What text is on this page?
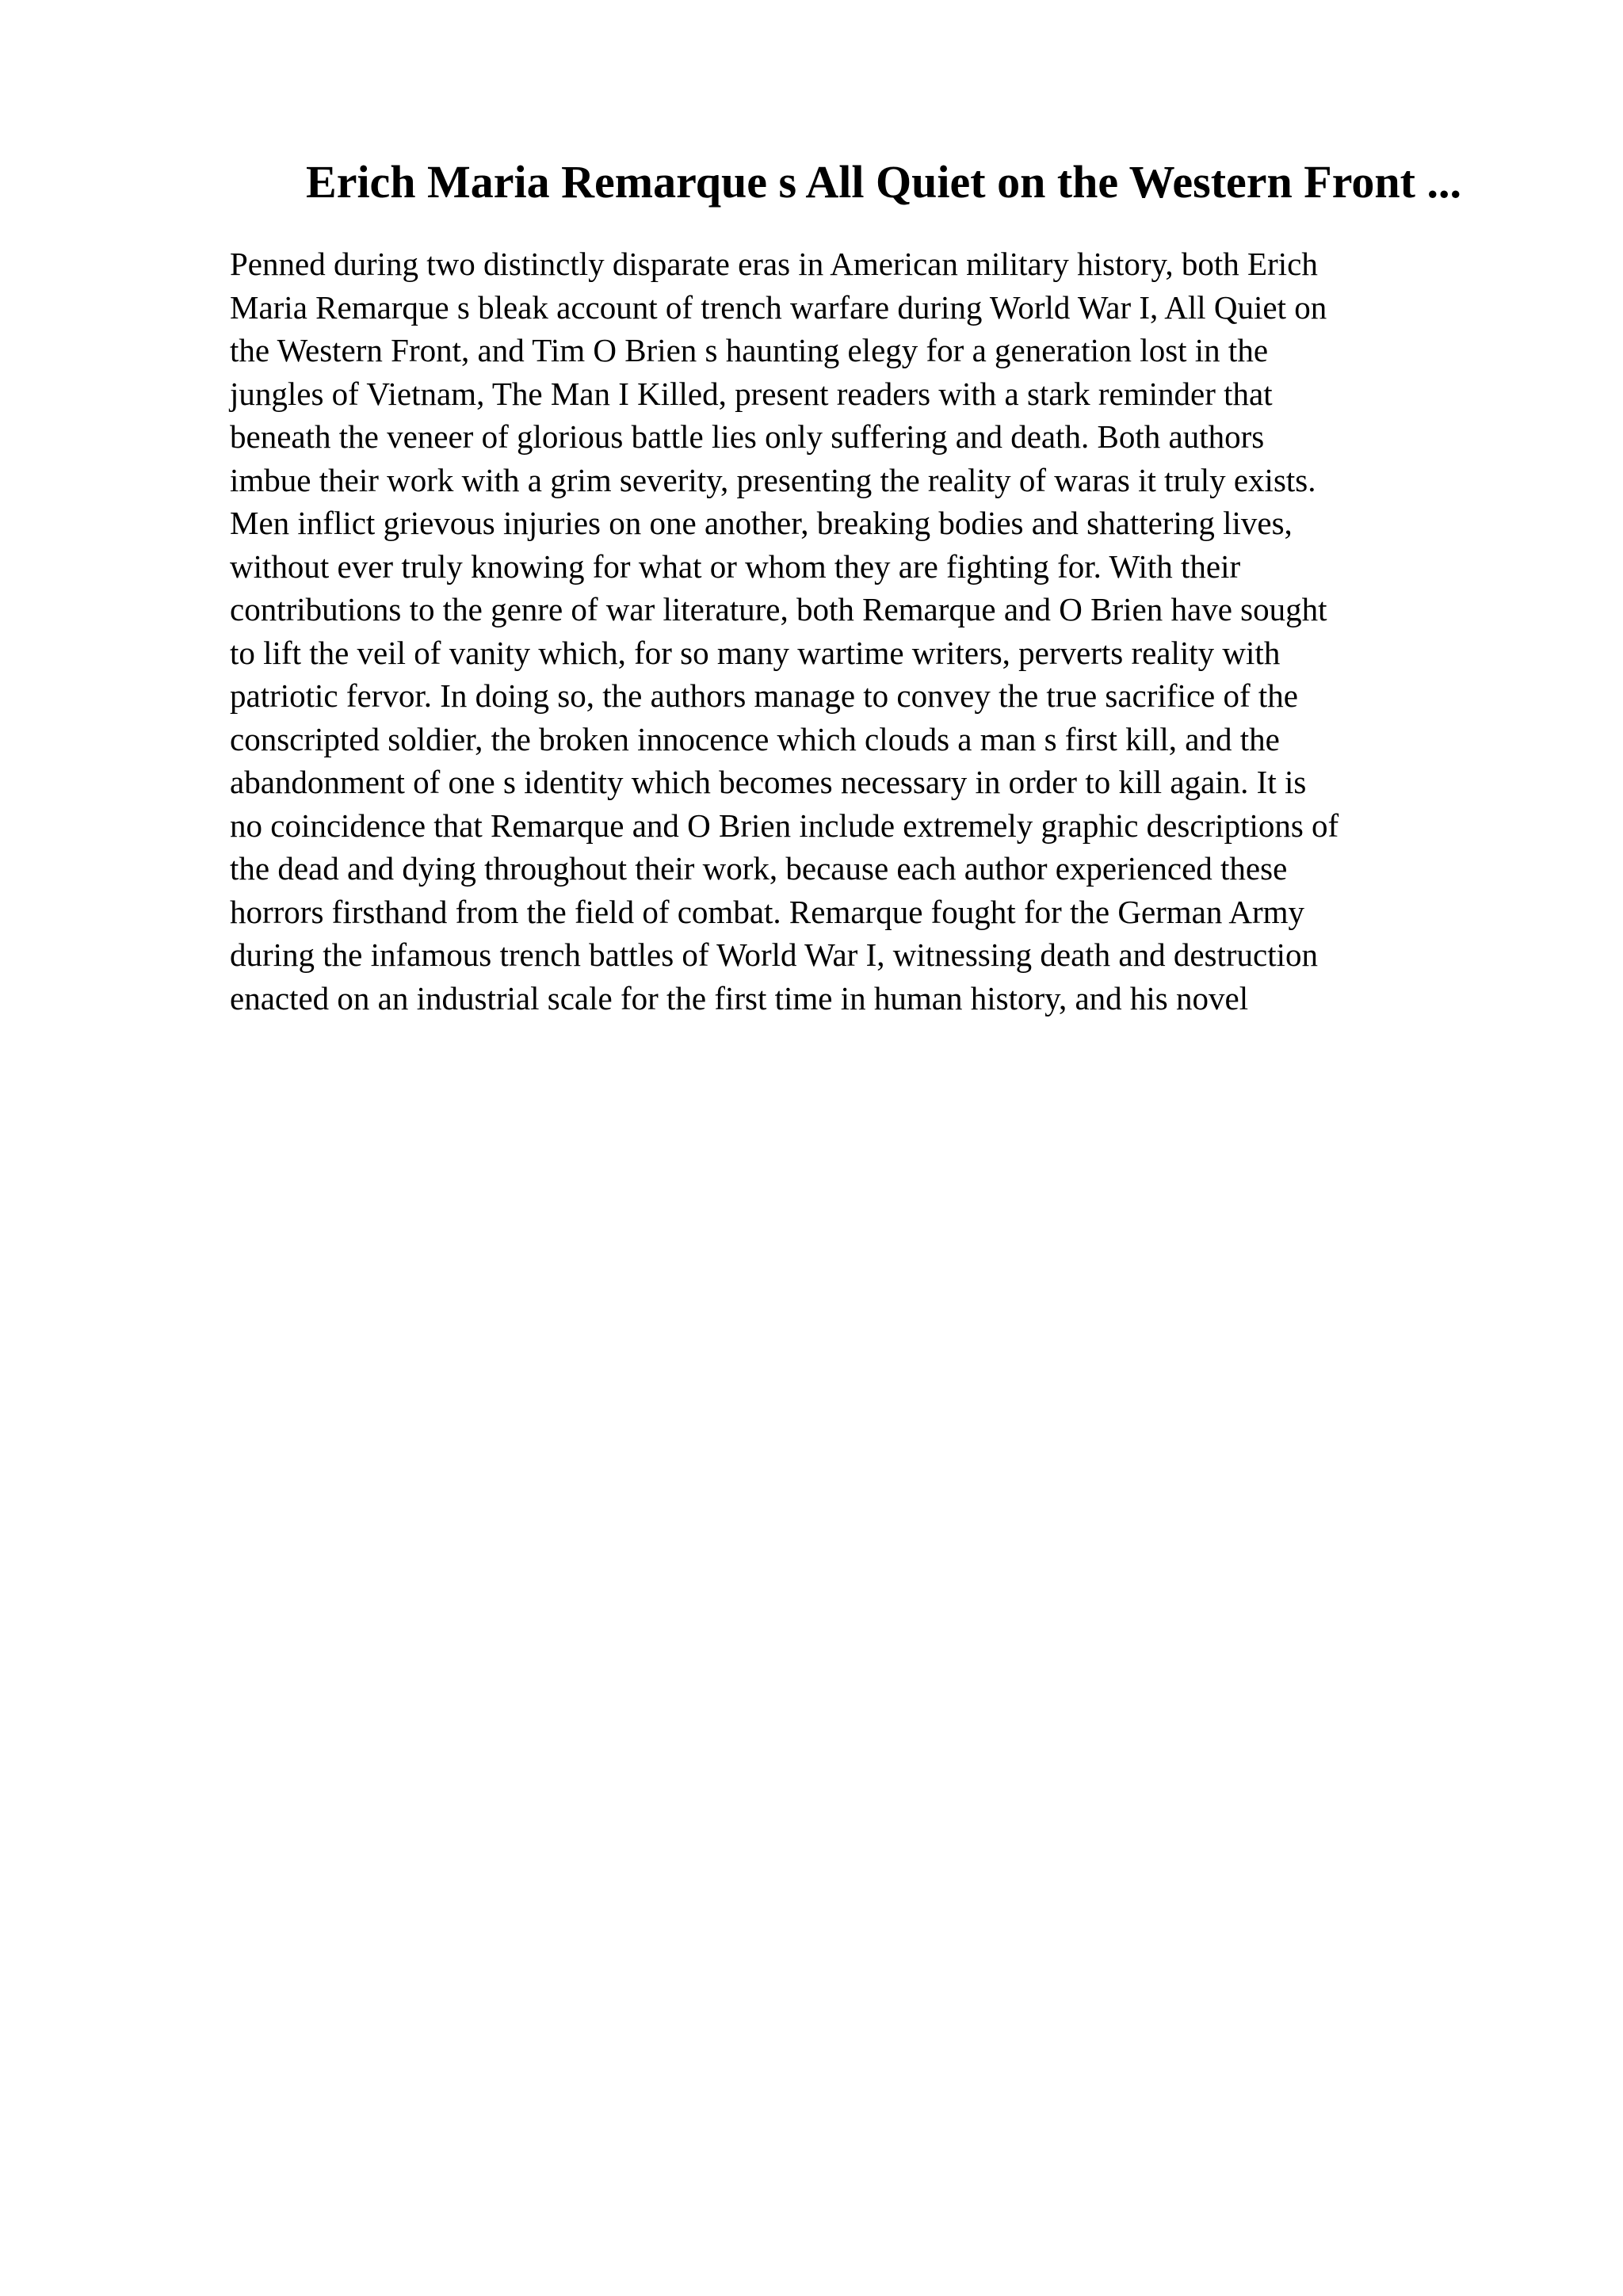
Erich Maria Remarque s All Quiet on the Western Front ...
Penned during two distinctly disparate eras in American military history, both Erich
Maria Remarque s bleak account of trench warfare during World War I, All Quiet on
the Western Front, and Tim O Brien s haunting elegy for a generation lost in the
jungles of Vietnam, The Man I Killed, present readers with a stark reminder that
beneath the veneer of glorious battle lies only suffering and death. Both authors
imbue their work with a grim severity, presenting the reality of waras it truly exists.
Men inflict grievous injuries on one another, breaking bodies and shattering lives,
without ever truly knowing for what or whom they are fighting for. With their
contributions to the genre of war literature, both Remarque and O Brien have sought
to lift the veil of vanity which, for so many wartime writers, perverts reality with
patriotic fervor. In doing so, the authors manage to convey the true sacrifice of the
conscripted soldier, the broken innocence which clouds a man s first kill, and the
abandonment of one s identity which becomes necessary in order to kill again. It is
no coincidence that Remarque and O Brien include extremely graphic descriptions of
the dead and dying throughout their work, because each author experienced these
horrors firsthand from the field of combat. Remarque fought for the German Army
during the infamous trench battles of World War I, witnessing death and destruction
enacted on an industrial scale for the first time in human history, and his novel
